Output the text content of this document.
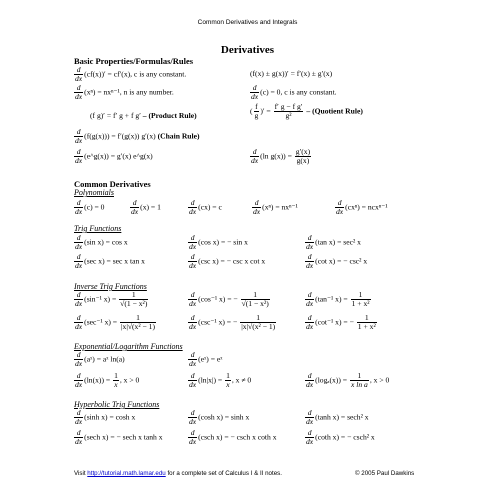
Common Derivatives and Integrals
Derivatives
Basic Properties/Formulas/Rules
$\frac{d}{dx} (cf(x))' = cf'(x)$, c is any constant.	(f(x) ± g(x))′ = f′(x) ± g′(x)
$\frac{d}{dx} (x^n) = nx^{n-1}$, n is any number.	$\frac{d}{dx} (c) = 0$, c is any constant.
(f g)′ = f′ g + f g′ – (Product Rule)
( $\frac{f}{g}$ )′ = $\frac{\text{f′ g − f g′}}{\text{g²}}$ – (Quotient Rule)
$\frac{d}{dx} (f(g(x))) = f'(g(x))$ g′(x) (Chain Rule)
$\frac{d}{dx}$ (e^g(x)) = g′(x) e^g(x)	$\frac{d}{dx} (\ln$ $g(x)) = \frac{g'(x)}{g(x)}$
Common Derivatives
Polynomials
$\frac{d}{dx} (c) = 0$	$\frac{d}{dx} (x) = 1$	$\frac{d}{dx} (cx) = c$	$\frac{d}{dx} (x^n) = nx^{n-1}$	$\frac{d}{dx} (cx^n) = ncx^{n-1}$
Trig Functions
$\frac{d}{dx} (\sin$ x) = cos x	$\frac{d}{dx} (\cos$ x) = − sin x	$\frac{d}{dx} (\tan$ x) = sec² x
$\frac{d}{dx} (\sec$ x) = sec x tan x	$\frac{d}{dx} (\csc$ x) = − csc x cot x	$\frac{d}{dx} (\cot$ x) = − csc² x
Inverse Trig Functions
$\frac{d}{dx} (\sin^{-1}$ $x) = \frac{1}{\text{√(1 − x²)}}$	$\frac{d}{dx} (\cos^{-1}$ x) = − $\frac{1}{\text{√(1 − x²)}}$	$\frac{d}{dx} (\tan^{-1}$ $x) = \frac{1}{\text{1 + x²}}$
$\frac{d}{dx} (\sec^{-1}$ $x) = \frac{1}{\text{|x|√(x² − 1)}}$	$\frac{d}{dx} (\csc^{-1}$ x) = − $\frac{1}{\text{|x|√(x² − 1)}}$	$\frac{d}{dx} (\cot^{-1}$ x) = − $\frac{1}{\text{1 + x²}}$
Exponential/Logarithm Functions
$\frac{d}{dx}$ (aˣ) = aˣ ln(a)	$\frac{d}{dx}$ (eˣ) = eˣ
$\frac{d}{dx} (\ln(x)) = \frac{1}{x}$ , x > 0	$\frac{d}{dx} (\ln|x|) = \frac{1}{x}$ , x ≠ 0	$\frac{d}{dx} (\log_a(x)) = \frac{1}{\text{x ln a}}$ , x > 0
Hyperbolic Trig Functions
$\frac{d}{dx} (\sinh$ x) = cosh x	$\frac{d}{dx} (\cosh$ x) = sinh x	$\frac{d}{dx} (\tanh$ x) = sech² x
$\frac{d}{dx} (\sec h$ x) = − sech x tanh x	$\frac{d}{dx} (\csc h$ x) = − csch x coth x	$\frac{d}{dx} (\cot h$ x) = − csch² x
Visit http://tutorial.math.lamar.edu for a complete set of Calculus I & II notes.	© 2005 Paul Dawkins
